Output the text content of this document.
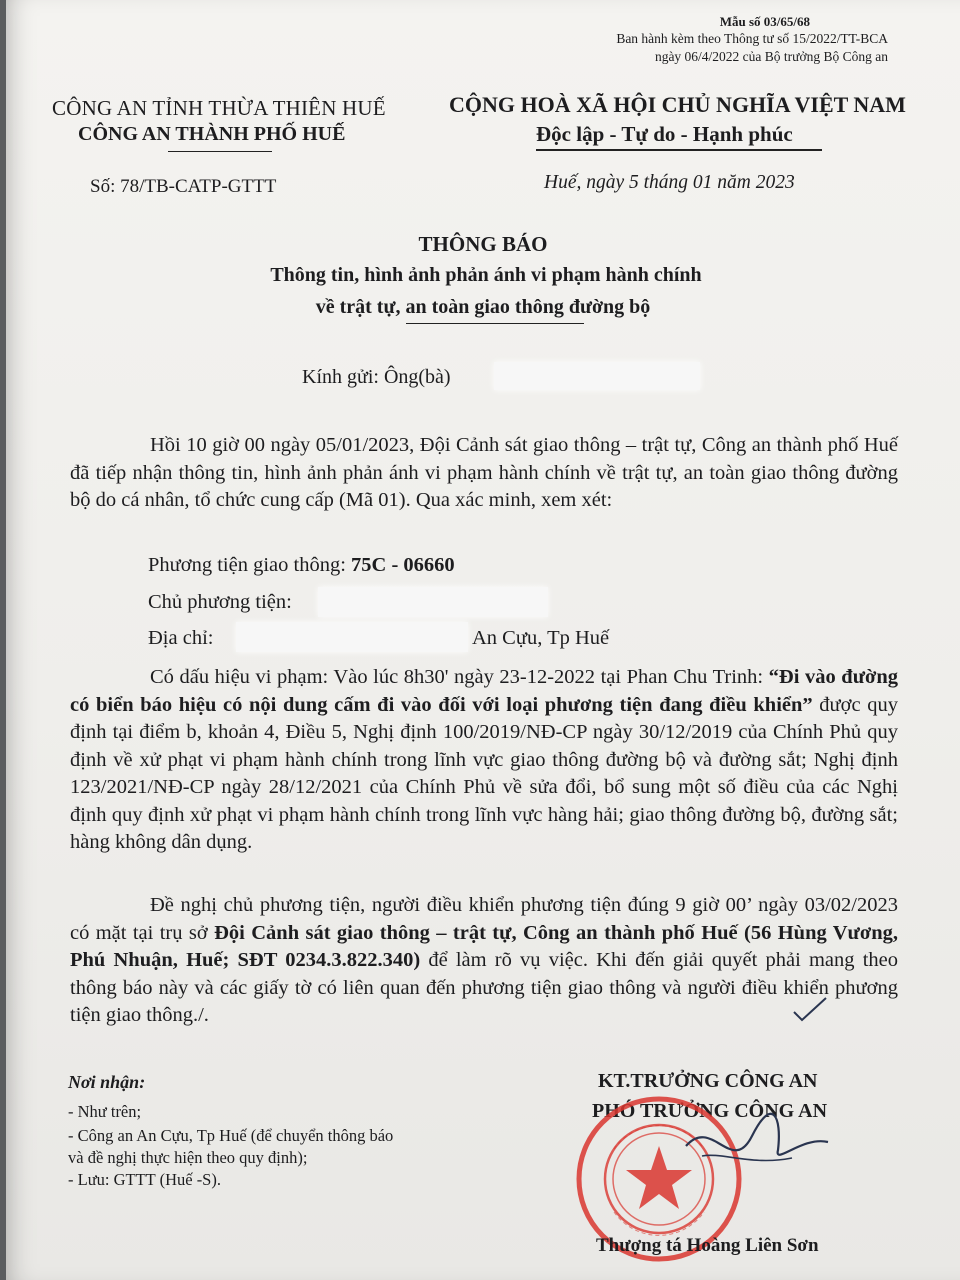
Mẫu số 03/65/68
Ban hành kèm theo Thông tư số 15/2022/TT-BCA
ngày 06/4/2022 của Bộ trưởng Bộ Công an
CÔNG AN TỈNH THỪA THIÊN HUẾ
CÔNG AN THÀNH PHỐ HUẾ
CỘNG HOÀ XÃ HỘI CHỦ NGHĨA VIỆT NAM
Độc lập - Tự do - Hạnh phúc
Số: 78/TB-CATP-GTTT	Huế, ngày 5 tháng 01 năm 2023
THÔNG BÁO
Thông tin, hình ảnh phản ánh vi phạm hành chính
về trật tự, an toàn giao thông đường bộ
Kính gửi: Ông(bà)

Hồi 10 giờ 00 ngày 05/01/2023, Đội Cảnh sát giao thông – trật tự, Công an thành phố Huế đã tiếp nhận thông tin, hình ảnh phản ánh vi phạm hành chính về trật tự, an toàn giao thông đường bộ do cá nhân, tổ chức cung cấp (Mã 01). Qua xác minh, xem xét:

Phương tiện giao thông: 75C - 06660
Chủ phương tiện:
Địa chỉ:	An Cựu, Tp Huế

Có dấu hiệu vi phạm: Vào lúc 8h30' ngày 23-12-2022 tại Phan Chu Trinh: “Đi vào đường có biển báo hiệu có nội dung cấm đi vào đối với loại phương tiện đang điều khiển” được quy định tại điểm b, khoản 4, Điều 5, Nghị định 100/2019/NĐ-CP ngày 30/12/2019 của Chính Phủ quy định về xử phạt vi phạm hành chính trong lĩnh vực giao thông đường bộ và đường sắt; Nghị định 123/2021/NĐ-CP ngày 28/12/2021 của Chính Phủ về sửa đổi, bổ sung một số điều của các Nghị định quy định xử phạt vi phạm hành chính trong lĩnh vực hàng hải; giao thông đường bộ, đường sắt; hàng không dân dụng.

Đề nghị chủ phương tiện, người điều khiển phương tiện đúng 9 giờ 00’ ngày 03/02/2023 có mặt tại trụ sở Đội Cảnh sát giao thông – trật tự, Công an thành phố Huế (56 Hùng Vương, Phú Nhuận, Huế; SĐT 0234.3.822.340) để làm rõ vụ việc. Khi đến giải quyết phải mang theo thông báo này và các giấy tờ có liên quan đến phương tiện giao thông và người điều khiển phương tiện giao thông./.

Nơi nhận:
- Như trên;
- Công an An Cựu, Tp Huế (để chuyển thông báo
và đề nghị thực hiện theo quy định);
- Lưu: GTTT (Huế -S).
KT.TRƯỞNG CÔNG AN
PHÓ TRƯỞNG CÔNG AN
Thượng tá Hoàng Liên Sơn
